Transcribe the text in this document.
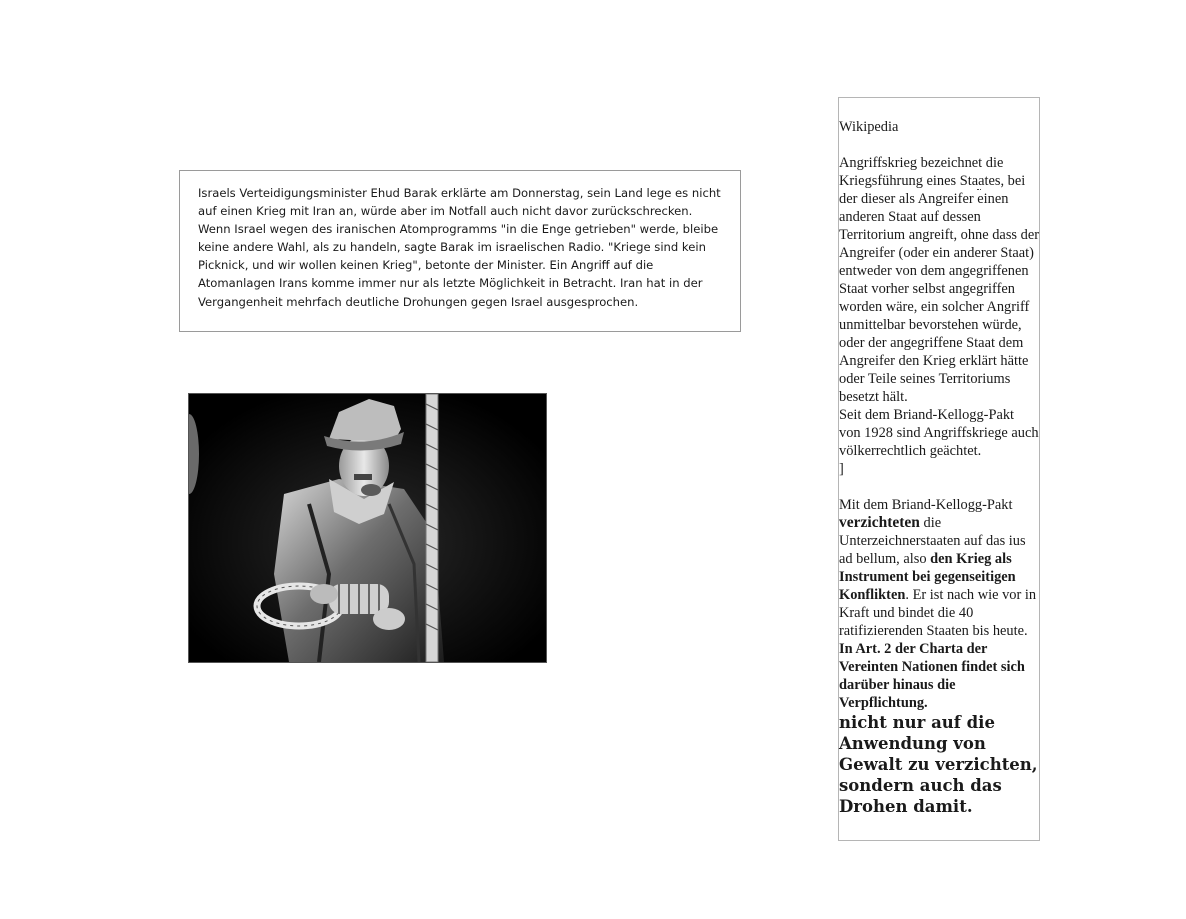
Israels Verteidigungsminister Ehud Barak erklärte am Donnerstag, sein Land lege es nicht auf einen Krieg mit Iran an, würde aber im Notfall auch nicht davor zurückschrecken. Wenn Israel wegen des iranischen Atomprogramms "in die Enge getrieben" werde, bleibe keine andere Wahl, als zu handeln, sagte Barak im israelischen Radio. "Kriege sind kein Picknick, und wir wollen keinen Krieg", betonte der Minister. Ein Angriff auf die Atomanlagen Irans komme immer nur als letzte Möglichkeit in Betracht. Iran hat in der Vergangenheit mehrfach deutliche Drohungen gegen Israel ausgesprochen.

Wikipedia

Angriffskrieg bezeichnet die Kriegsführung eines Staates, bei der dieser als Angreifer einen anderen Staat auf dessen Territorium angreift, ohne dass der Angreifer (oder ein anderer Staat) entweder von dem angegriffenen Staat vorher selbst angegriffen worden wäre, ein solcher Angriff unmittelbar bevorstehen würde, oder der angegriffene Staat dem Angreifer den Krieg erklärt hätte oder Teile seines Territoriums besetzt hält.

Seit dem Briand-Kellogg-Pakt von 1928 sind Angriffskriege auch völkerrechtlich geächtet.

]

Mit dem Briand-Kellogg-Pakt
verzichteten die Unterzeichnerstaaten auf das ius ad bellum, also den Krieg als Instrument bei gegenseitigen Konflikten. Er ist nach wie vor in Kraft und bindet die 40 ratifizierenden Staaten bis heute. In Art. 2 der Charta der Vereinten Nationen findet sich darüber hinaus die Verpflichtung.
nicht nur auf die Anwendung von Gewalt zu verzichten, sondern auch das Drohen damit.
